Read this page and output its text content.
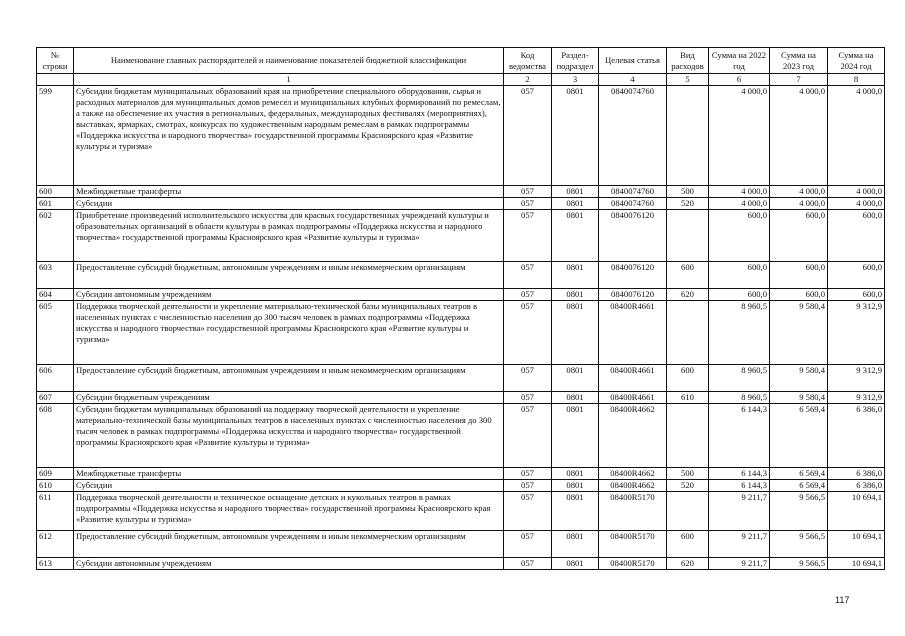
№ строки	Наименование главных распорядителей и наименование показателей бюджетной классификации	Код ведомства	Раздел-подраздел	Целевая статья	Вид расходов	Сумма на 2022 год	Сумма на 2023 год	Сумма на 2024 год
	1	2	3	4	5	6	7	8
599	Субсидии бюджетам муниципальных образований края на приобретение специального оборудования, сырья и расходных материалов для муниципальных домов ремесел и муниципальных клубных формирований по ремеслам, а также на обеспечение их участия в региональных, федеральных, международных фестивалях (мероприятиях), выставках, ярмарках, смотрах, конкурсах по художественным народным ремеслам в рамках подпрограммы «Поддержка искусства и народного творчества» государственной программы Красноярского края «Развитие культуры и туризма»	057	0801	0840074760		4 000,0	4 000,0	4 000,0
600	Межбюджетные трансферты	057	0801	0840074760	500	4 000,0	4 000,0	4 000,0
601	Субсидии	057	0801	0840074760	520	4 000,0	4 000,0	4 000,0
602	Приобретение произведений исполнительского искусства для красвых государственных учреждений культуры и образовательных организаций в области культуры в рамках подпрограммы «Поддержка искусства и народного творчества» государственной программы Красноярского края «Развитие культуры и туризма»	057	0801	0840076120		600,0	600,0	600,0
603	Предоставление субсидий бюджетным, автономным учреждениям и иным некоммерческим организациям	057	0801	0840076120	600	600,0	600,0	600,0
604	Субсидии автономным учреждениям	057	0801	0840076120	620	600,0	600,0	600,0
605	Поддержка творческой деятельности и укрепление материально-технической базы муниципальных театров в населенных пунктах с численностью населения до 300 тысяч человек в рамках подпрограммы «Поддержка искусства и народного творчества» государственной программы Красноярского края «Развитие культуры и туризма»	057	0801	08400R4661		8 960,5	9 580,4	9 312,9
606	Предоставление субсидий бюджетным, автономным учреждениям и иным некоммерческим организациям	057	0801	08400R4661	600	8 960,5	9 580,4	9 312,9
607	Субсидии бюджетным учреждениям	057	0801	08400R4661	610	8 960,5	9 580,4	9 312,9
608	Субсидии бюджетам муниципальных образований на поддержку творческой деятельности и укрепление материально-технической базы муниципальных театров в населенных пунктах с численностью населения до 300 тысяч человек в рамках подпрограммы «Поддержка искусства и народного творчества» государственной программы Красноярского края «Развитие культуры и туризма»	057	0801	08400R4662		6 144,3	6 569,4	6 386,0
609	Межбюджетные трансферты	057	0801	08400R4662	500	6 144,3	6 569,4	6 386,0
610	Субсидии	057	0801	08400R4662	520	6 144,3	6 569,4	6 386,0
611	Поддержка творческой деятельности и техническое оснащение детских и кукольных театров в рамках подпрограммы «Поддержка искусства и народного творчества» государственной программы Красноярского края «Развитие культуры и туризма»	057	0801	08400R5170		9 211,7	9 566,5	10 694,1
612	Предоставление субсидий бюджетным, автономным учреждениям и иным некоммерческим организациям	057	0801	08400R5170	600	9 211,7	9 566,5	10 694,1
613	Субсидии автономным учреждениям	057	0801	08400R5170	620	9 211,7	9 566,5	10 694,1
117
